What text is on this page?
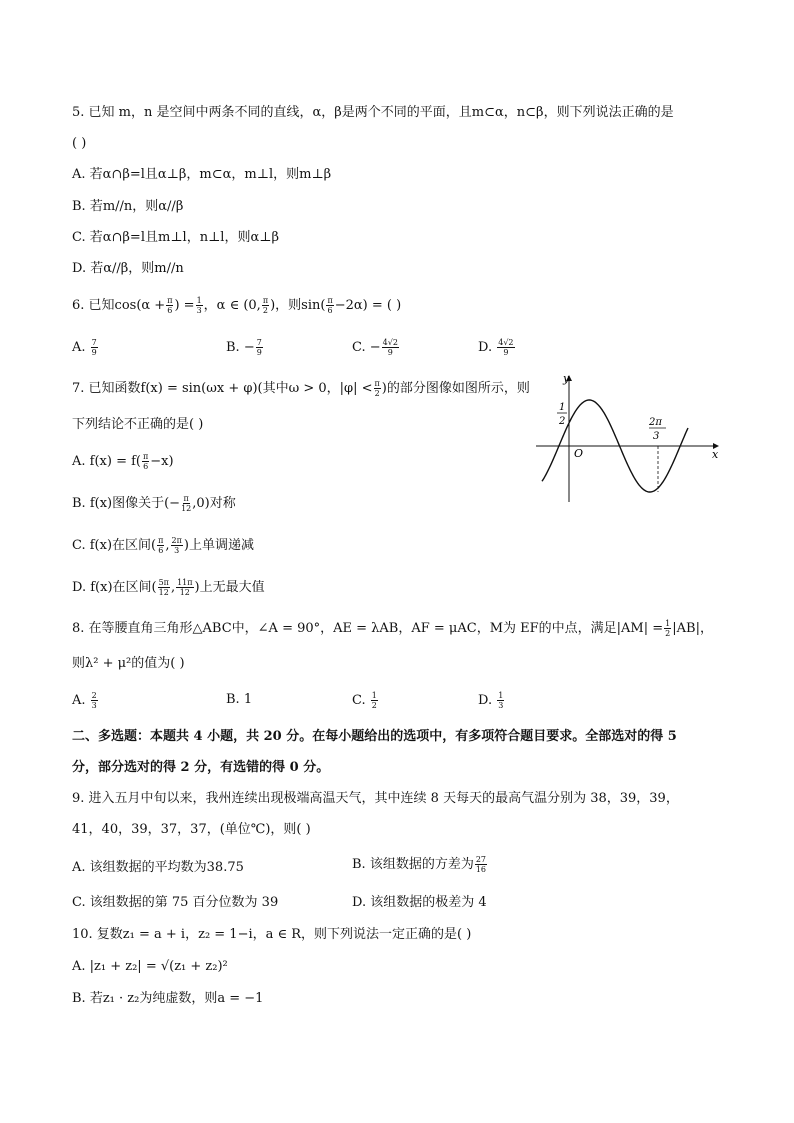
5. 已知 m，n 是空间中两条不同的直线，α，β是两个不同的平面，且m⊂α，n⊂β，则下列说法正确的是
( )
A. 若α∩β=l且α⊥β，m⊂α，m⊥l，则m⊥β
B. 若m//n，则α//β
C. 若α∩β=l且m⊥l，n⊥l，则α⊥β
D. 若α//β，则m//n
6. 已知$\cos(\alpha + \frac{\pi}{6}$ ) = $\frac{1}{3}$ ，α ∈ (0, $\frac{\pi}{2}$ )，则$\sin( \frac{\pi}{6} -2\alpha)$ = ( )
A. $\frac{7}{9}$	B. − $\frac{7}{9}$	C. − $\frac{4√2}{9}$	D. $\frac{4√2}{9}$
7. 已知函数f(x) = sin(ωx + φ)(其中ω > 0，$|\varphi| < \frac{\pi}{2}$ )的部分图像如图所示，则
下列结论不正确的是( )
A. $f(x) = f( \frac{\pi}{6} -x)$
B. f(x)图像关于(− $\frac{\pi}{12} ,0$)对称
C. f(x)在区间( $\frac{\pi}{6}$ , $\frac{2\pi}{3}$ )上单调递减
D. f(x)在区间( $\frac{5\pi}{12}$ , $\frac{11\pi}{12}$ )上无最大值
y
x
O
1
2	2π
3
8. 在等腰直角三角形△ABC中，∠A = 90°，AE = λAB，AF = μAC，M为 EF的中点，满足$|AM| = \frac{1}{2} |AB|$，
则λ² + μ²的值为( )
A. $\frac{2}{3}$	B. 1	C. $\frac{1}{2}$	D. $\frac{1}{3}$
二、多选题：本题共 4 小题，共 20 分。在每小题给出的选项中，有多项符合题目要求。全部选对的得 5
分，部分选对的得 2 分，有选错的得 0 分。
9. 进入五月中旬以来，我州连续出现极端高温天气，其中连续 8 天每天的最高气温分别为 38，39，39，
41，40，39，37，37，(单位℃)，则( )
A. 该组数据的平均数为38.75	B. 该组数据的方差为 $\frac{27}{16}$
C. 该组数据的第 75 百分位数为 39	D. 该组数据的极差为 4
10. 复数z₁ = a + i，z₂ = 1−i，a ∈ R，则下列说法一定正确的是( )
A. |z₁ + z₂| = √(z₁ + z₂)²
B. 若z₁ · z₂为纯虚数，则a = −1
